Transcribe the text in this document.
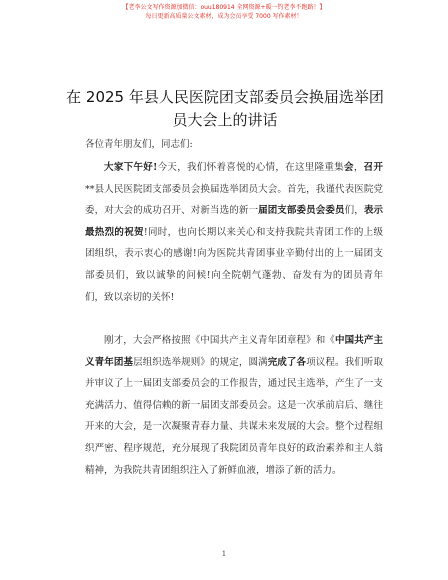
【老李公文写作资源加微信：ouu180914 全网资源+暖一钓老李不跑路！】
每日更新高质量公文素材，成为会员享受 7000 写作素材！
在 2025 年县人民医院团支部委员会换届选举团员大会上的讲话
各位青年朋友们，同志们:
大家下午好!今天，我们怀着喜悦的心情，在这里隆重集会，召开**县人民医院团支部委员会换届选举团员大会。首先，我谨代表医院党委，对大会的成功召开、对新当选的新一届团支部委员会委员们，表示最热烈的祝贺!同时，也向长期以来关心和支持我院共青团工作的上级团组织，表示衷心的感谢!向为医院共青团事业辛勤付出的上一届团支部委员们，致以诚挚的问候!向全院朝气蓬勃、奋发有为的团员青年们，致以亲切的关怀!
刚才，大会严格按照《中国共产主义青年团章程》和《中国共产主义青年团基层组织选举规则》的规定，圆满完成了各项议程。我们听取并审议了上一届团支部委员会的工作报告，通过民主选举，产生了一支充满活力、值得信赖的新一届团支部委员会。这是一次承前启后、继往开来的大会，是一次凝聚青春力量、共谋未来发展的大会。整个过程组织严密、程序规范，充分展现了我院团员青年良好的政治素养和主人翁精神，为我院共青团组织注入了新鲜血液，增添了新的活力。
1
